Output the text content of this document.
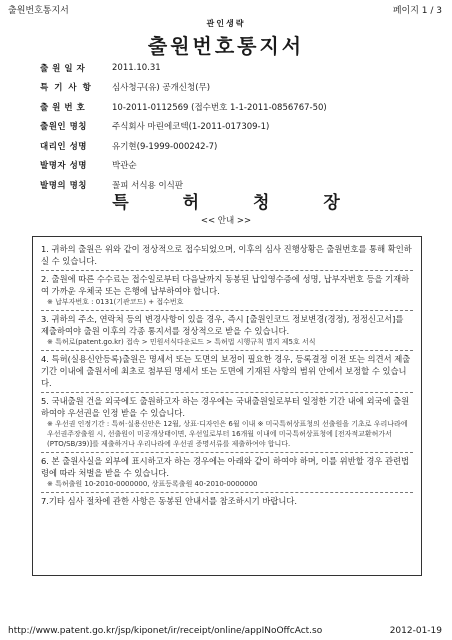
출원번호통지서	페이지 1 / 3
관인생략
출원번호통지서
출 원 일 자	2011.10.31
특기사항	심사청구(유) 공개신청(무)
출 원 번 호	10-2011-0112569 (접수번호 1-1-2011-0856767-50)
출원인 명칭	주식회사 마린에코텍(1-2011-017309-1)
대리인 성명	유기현(9-1999-000242-7)
발명자 성명	박관순
발명의 명칭	꼴피 서식용 이식판
특	허	청	장
<< 안내 >>
1. 귀하의 출원은 위와 같이 정상적으로 접수되었으며, 이후의 심사 진행상황은 출원번호를 통해 확인하실 수 있습니다.
2. 출원에 따른 수수료는 접수일로부터 다음날까지 동봉된 납입영수증에 성명, 납부자번호 등을 기재하여 가까운 우체국 또는 은행에 납부하여야 합니다.
※ 납부자번호 : 0131(기관코드) + 접수번호
3. 귀하의 주소, 연락처 등의 변경사항이 있을 경우, 즉시 [출원인코드 정보변경(경정), 정정신고서]를 제출하여야 출원 이후의 각종 통지서를 정상적으로 받을 수 있습니다.
※ 특허로(patent.go.kr) 접속 > 민원서식다운로드 > 특허법 시행규칙 별지 제5호 서식
4. 특허(실용신안등록)출원은 명세서 또는 도면의 보정이 필요한 경우, 등록결정 이전 또는 의견서 제출기간 이내에 출원서에 최초로 첨부된 명세서 또는 도면에 기재된 사항의 범위 안에서 보정할 수 있습니다.
5. 국내출원 건을 외국에도 출원하고자 하는 경우에는 국내출원일로부터 일정한 기간 내에 외국에 출원하여야 우선권을 인정 받을 수 있습니다.
※ 우선권 인정기간 : 특허·실용신안은 12월, 상표·디자인은 6월 이내 ※ 미국특허상표청의 선출원을 기초로 우리나라에 우선권주장출원 시, 선출원이 미공개상태이면, 우선일로부터 16개월 이내에 미국특허상표청에 [전자적교환허가서(PTO/SB/39)]를 제출하거나 우리나라에 우선권 증명서류를 제출하여야 합니다.
6. 본 출원사실을 외부에 표시하고자 하는 경우에는 아래와 같이 하여야 하며, 이를 위반할 경우 관련법령에 따라 처벌을 받을 수 있습니다.
※ 특허출원 10-2010-0000000, 상표등록출원 40-2010-0000000
7.기타 심사 절차에 관한 사항은 동봉된 안내서를 참조하시기 바랍니다.
http://www.patent.go.kr/jsp/kiponet/ir/receipt/online/appINoOffcAct.so	2012-01-19
